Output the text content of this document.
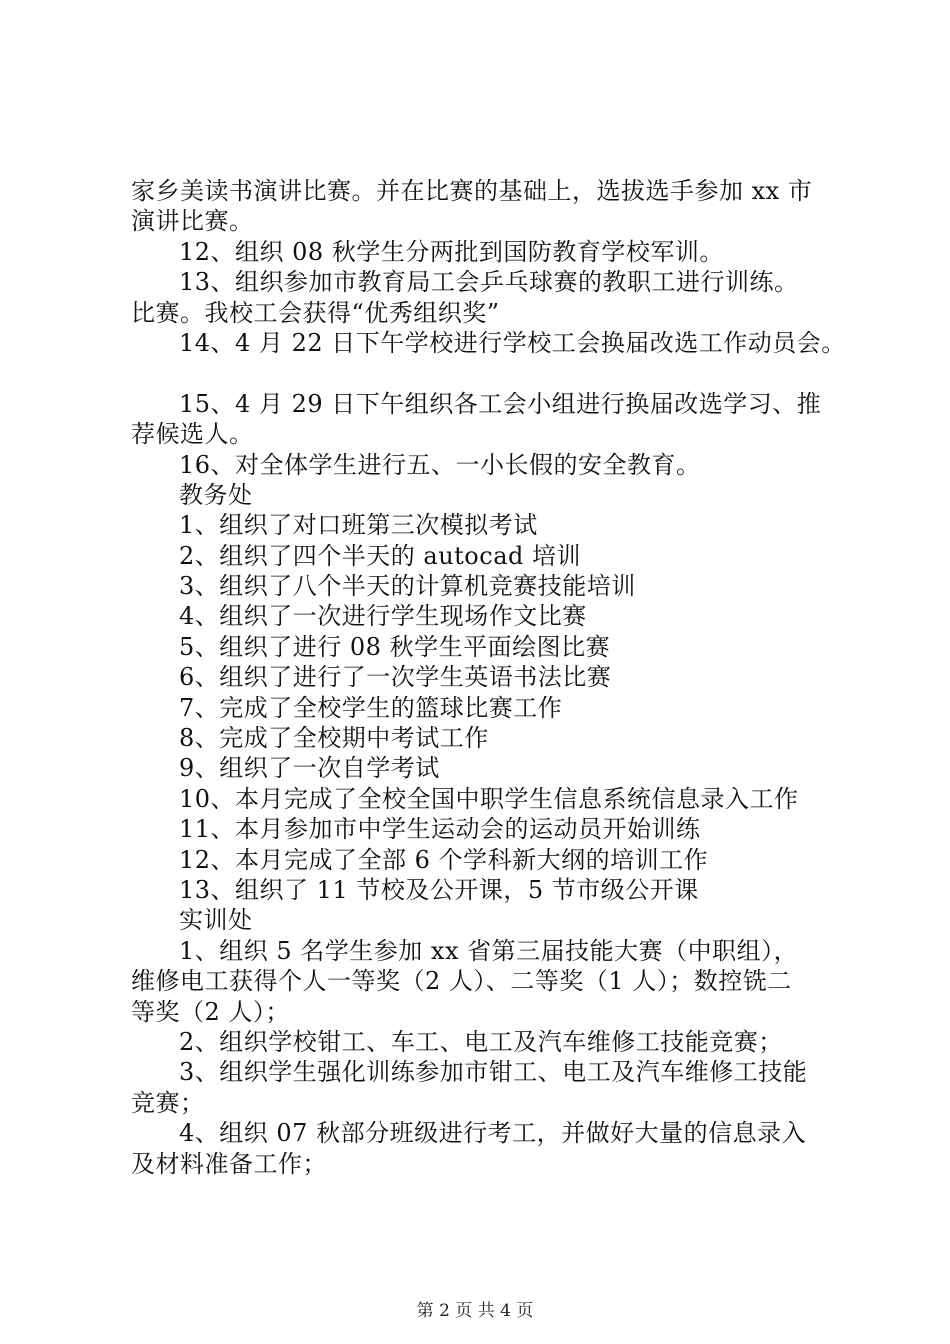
家乡美读书演讲比赛。并在比赛的基础上，选拔选手参加 xx 市
演讲比赛。
12、组织 08 秋学生分两批到国防教育学校军训。
13、组织参加市教育局工会乒乓球赛的教职工进行训练。
比赛。我校工会获得“优秀组织奖”
14、4 月 22 日下午学校进行学校工会换届改选工作动员会。
15、4 月 29 日下午组织各工会小组进行换届改选学习、推
荐候选人。
16、对全体学生进行五、一小长假的安全教育。
教务处
1、组织了对口班第三次模拟考试
2、组织了四个半天的 autocad 培训
3、组织了八个半天的计算机竞赛技能培训
4、组织了一次进行学生现场作文比赛
5、组织了进行 08 秋学生平面绘图比赛
6、组织了进行了一次学生英语书法比赛
7、完成了全校学生的篮球比赛工作
8、完成了全校期中考试工作
9、组织了一次自学考试
10、本月完成了全校全国中职学生信息系统信息录入工作
11、本月参加市中学生运动会的运动员开始训练
12、本月完成了全部 6 个学科新大纲的培训工作
13、组织了 11 节校及公开课，5 节市级公开课
实训处
1、组织 5 名学生参加 xx 省第三届技能大赛（中职组），
维修电工获得个人一等奖（2 人）、二等奖（1 人）；数控铣二
等奖（2 人）；
2、组织学校钳工、车工、电工及汽车维修工技能竞赛；
3、组织学生强化训练参加市钳工、电工及汽车维修工技能
竞赛；
4、组织 07 秋部分班级进行考工，并做好大量的信息录入
及材料准备工作；
第 2 页 共 4 页
